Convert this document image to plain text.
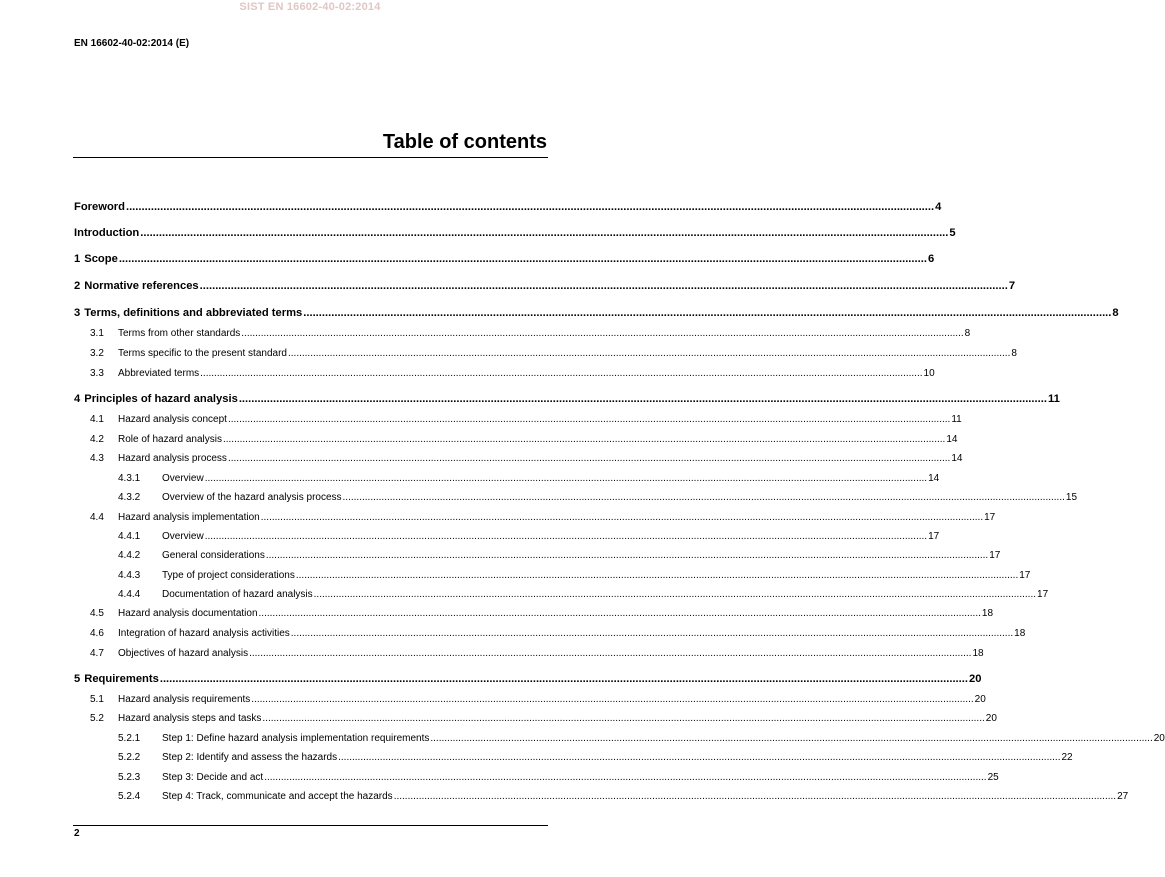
SIST EN 16602-40-02:2014
EN 16602-40-02:2014 (E)
Table of contents
Foreword .................................................................................................................................................................................................................................................................... 4
Introduction .................................................................................................................................................................................................................................................................... 5
1 Scope .................................................................................................................................................................................................................................................................... 6
2 Normative references .................................................................................................................................................................................................................................................................... 7
3 Terms, definitions and abbreviated terms .................................................................................................................................................................................................................................................................... 8
3.1	Terms from other standards .................................................................................................................................................................................................................................................................... 8
3.2	Terms specific to the present standard .................................................................................................................................................................................................................................................................... 8
3.3	Abbreviated terms .................................................................................................................................................................................................................................................................... 10
4 Principles of hazard analysis .................................................................................................................................................................................................................................................................... 11
4.1	Hazard analysis concept .................................................................................................................................................................................................................................................................... 11
4.2	Role of hazard analysis .................................................................................................................................................................................................................................................................... 14
4.3	Hazard analysis process .................................................................................................................................................................................................................................................................... 14
4.3.1	Overview .................................................................................................................................................................................................................................................................... 14
4.3.2	Overview of the hazard analysis process .................................................................................................................................................................................................................................................................... 15
4.4	Hazard analysis implementation .................................................................................................................................................................................................................................................................... 17
4.4.1	Overview .................................................................................................................................................................................................................................................................... 17
4.4.2	General considerations .................................................................................................................................................................................................................................................................... 17
4.4.3	Type of project considerations .................................................................................................................................................................................................................................................................... 17
4.4.4	Documentation of hazard analysis .................................................................................................................................................................................................................................................................... 17
4.5	Hazard analysis documentation .................................................................................................................................................................................................................................................................... 18
4.6	Integration of hazard analysis activities .................................................................................................................................................................................................................................................................... 18
4.7	Objectives of hazard analysis .................................................................................................................................................................................................................................................................... 18
5 Requirements .................................................................................................................................................................................................................................................................... 20
5.1	Hazard analysis requirements .................................................................................................................................................................................................................................................................... 20
5.2	Hazard analysis steps and tasks .................................................................................................................................................................................................................................................................... 20
5.2.1	Step 1: Define hazard analysis implementation requirements .................................................................................................................................................................................................................................................................... 20
5.2.2	Step 2: Identify and assess the hazards .................................................................................................................................................................................................................................................................... 22
5.2.3	Step 3: Decide and act .................................................................................................................................................................................................................................................................... 25
5.2.4	Step 4: Track, communicate and accept the hazards .................................................................................................................................................................................................................................................................... 27
2
